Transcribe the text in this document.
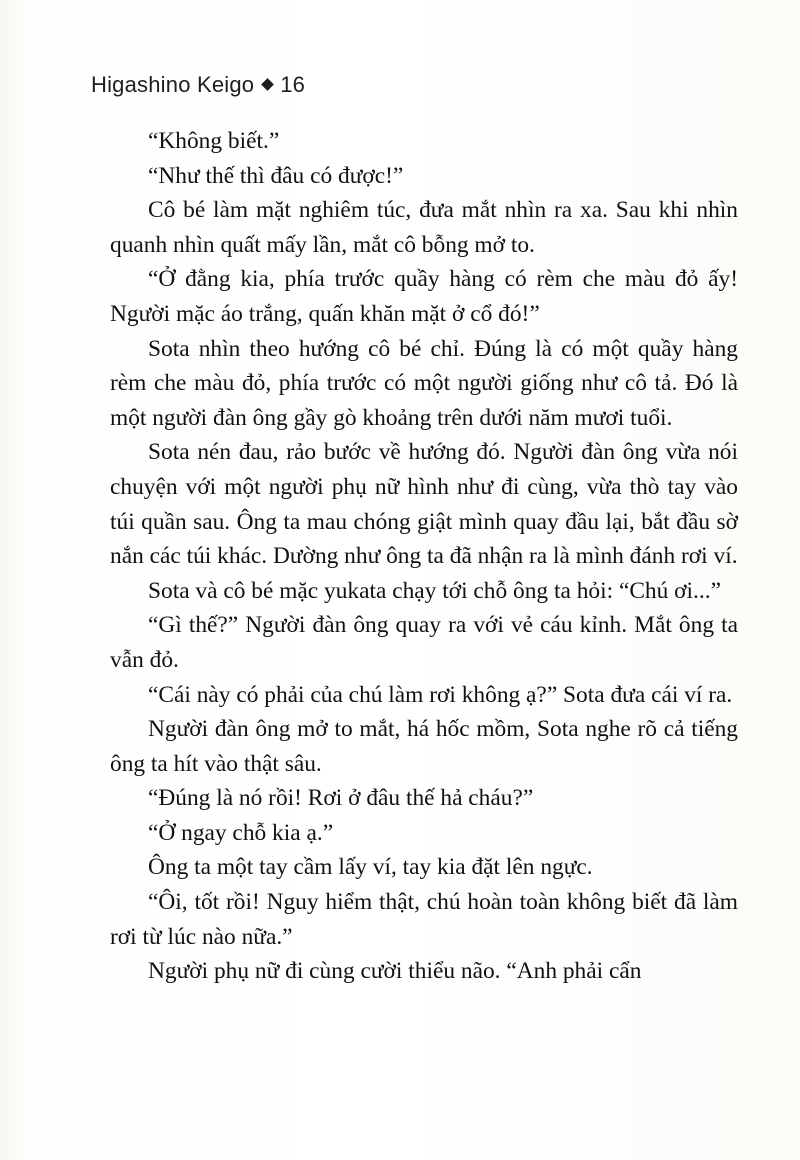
Higashino Keigo 16

“Không biết.”

“Như thế thì đâu có được!”

Cô bé làm mặt nghiêm túc, đưa mắt nhìn ra xa. Sau khi nhìn quanh nhìn quất mấy lần, mắt cô bỗng mở to.

“Ở đằng kia, phía trước quầy hàng có rèm che màu đỏ ấy! Người mặc áo trắng, quấn khăn mặt ở cổ đó!”

Sota nhìn theo hướng cô bé chỉ. Đúng là có một quầy hàng rèm che màu đỏ, phía trước có một người giống như cô tả. Đó là một người đàn ông gầy gò khoảng trên dưới năm mươi tuổi.

Sota nén đau, rảo bước về hướng đó. Người đàn ông vừa nói chuyện với một người phụ nữ hình như đi cùng, vừa thò tay vào túi quần sau. Ông ta mau chóng giật mình quay đầu lại, bắt đầu sờ nắn các túi khác. Dường như ông ta đã nhận ra là mình đánh rơi ví.

Sota và cô bé mặc yukata chạy tới chỗ ông ta hỏi: “Chú ơi...”

“Gì thế?” Người đàn ông quay ra với vẻ cáu kỉnh. Mắt ông ta vẫn đỏ.

“Cái này có phải của chú làm rơi không ạ?” Sota đưa cái ví ra.

Người đàn ông mở to mắt, há hốc mồm, Sota nghe rõ cả tiếng ông ta hít vào thật sâu.

“Đúng là nó rồi! Rơi ở đâu thế hả cháu?”

“Ở ngay chỗ kia ạ.”

Ông ta một tay cầm lấy ví, tay kia đặt lên ngực.

“Ôi, tốt rồi! Nguy hiểm thật, chú hoàn toàn không biết đã làm rơi từ lúc nào nữa.”

Người phụ nữ đi cùng cười thiểu não. “Anh phải cẩn
